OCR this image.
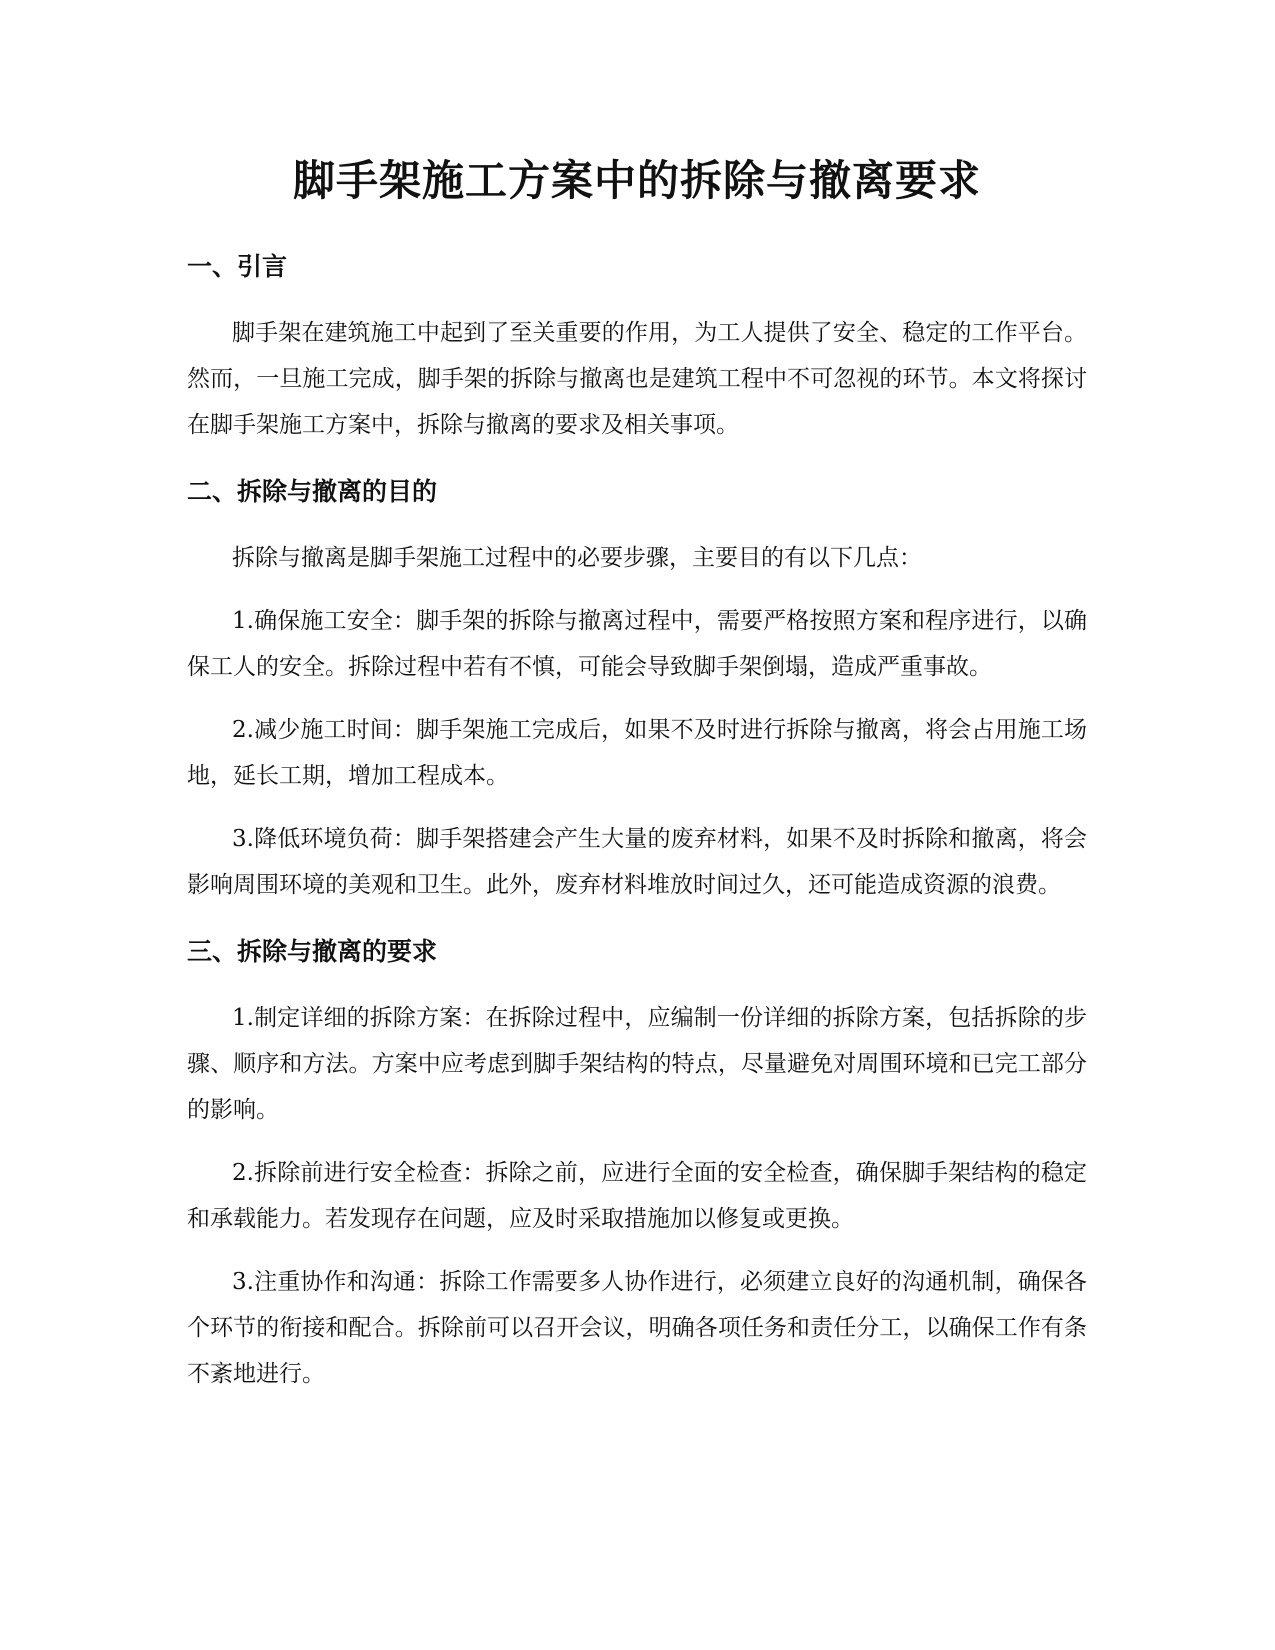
脚手架施工方案中的拆除与撤离要求
一、引言

脚手架在建筑施工中起到了至关重要的作用，为工人提供了安全、稳定的工作平台。然而，一旦施工完成，脚手架的拆除与撤离也是建筑工程中不可忽视的环节。本文将探讨在脚手架施工方案中，拆除与撤离的要求及相关事项。

二、拆除与撤离的目的

拆除与撤离是脚手架施工过程中的必要步骤，主要目的有以下几点：

1.确保施工安全：脚手架的拆除与撤离过程中，需要严格按照方案和程序进行，以确保工人的安全。拆除过程中若有不慎，可能会导致脚手架倒塌，造成严重事故。

2.减少施工时间：脚手架施工完成后，如果不及时进行拆除与撤离，将会占用施工场地，延长工期，增加工程成本。

3.降低环境负荷：脚手架搭建会产生大量的废弃材料，如果不及时拆除和撤离，将会影响周围环境的美观和卫生。此外，废弃材料堆放时间过久，还可能造成资源的浪费。

三、拆除与撤离的要求

1.制定详细的拆除方案：在拆除过程中，应编制一份详细的拆除方案，包括拆除的步骤、顺序和方法。方案中应考虑到脚手架结构的特点，尽量避免对周围环境和已完工部分的影响。

2.拆除前进行安全检查：拆除之前，应进行全面的安全检查，确保脚手架结构的稳定和承载能力。若发现存在问题，应及时采取措施加以修复或更换。

3.注重协作和沟通：拆除工作需要多人协作进行，必须建立良好的沟通机制，确保各个环节的衔接和配合。拆除前可以召开会议，明确各项任务和责任分工，以确保工作有条不紊地进行。
